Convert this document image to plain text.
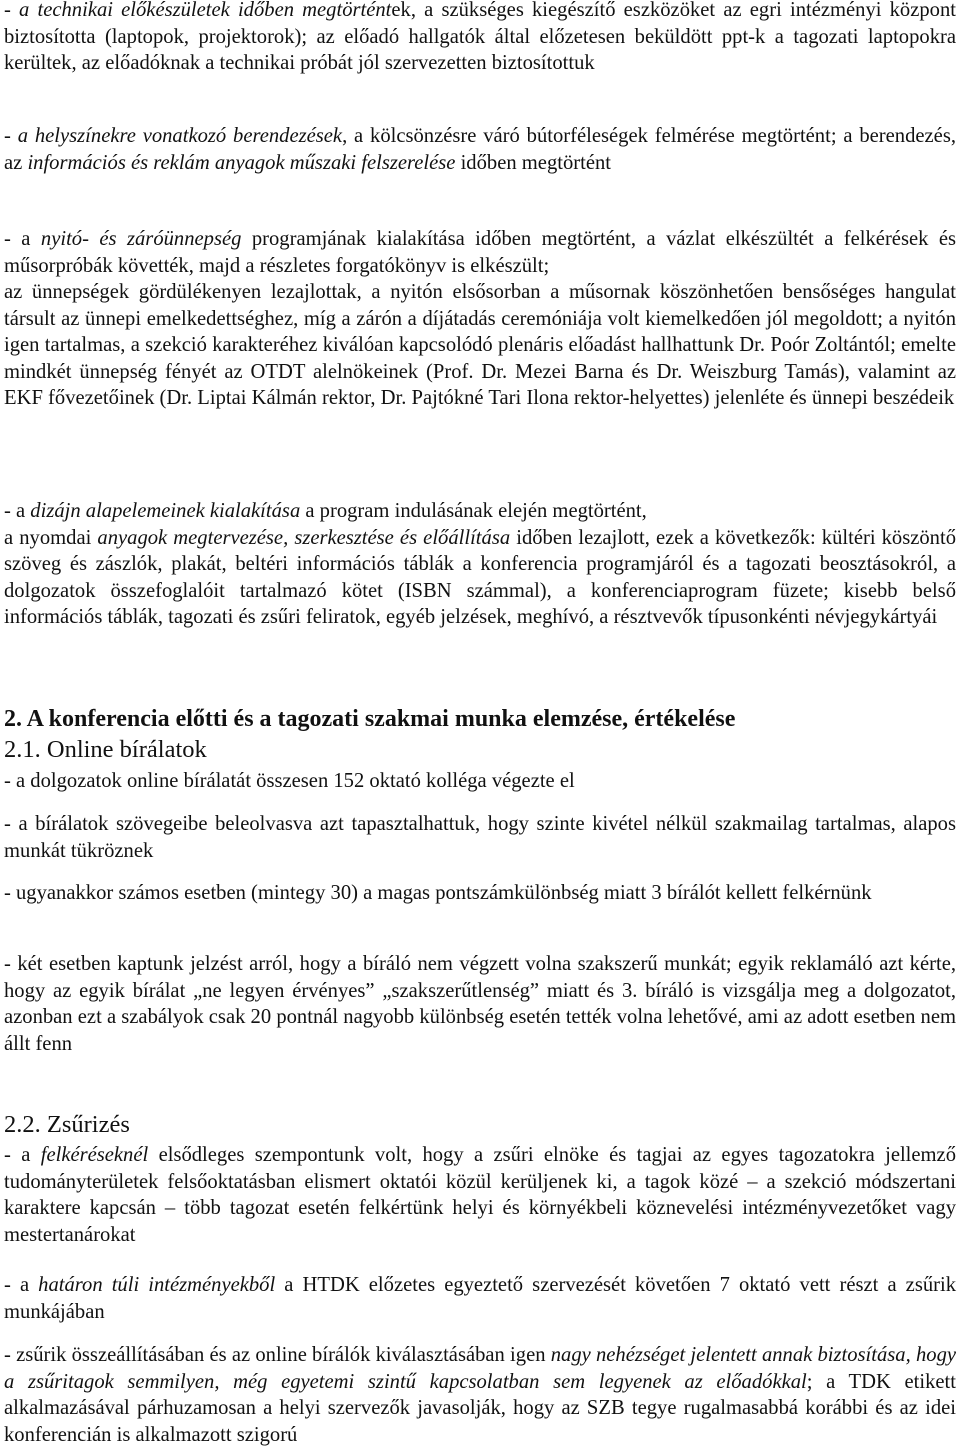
- a technikai előkészületek időben megtörténtek, a szükséges kiegészítő eszközöket az egri intézményi központ biztosította (laptopok, projektorok); az előadó hallgatók által előzetesen beküldött ppt-k a tagozati laptopokra kerültek, az előadóknak a technikai próbát jól szervezetten biztosítottuk

- a helyszínekre vonatkozó berendezések, a kölcsönzésre váró bútorféleségek felmérése megtörtént; a berendezés, az információs és reklám anyagok műszaki felszerelése időben megtörtént

- a nyitó- és záróünnepség programjának kialakítása időben megtörtént, a vázlat elkészültét a felkérések és műsorpróbák követték, majd a részletes forgatókönyv is elkészült;
az ünnepségek gördülékenyen lezajlottak, a nyitón elsősorban a műsornak köszönhetően bensőséges hangulat társult az ünnepi emelkedettséghez, míg a zárón a díjátadás ceremóniája volt kiemelkedően jól megoldott; a nyitón igen tartalmas, a szekció karakteréhez kiválóan kapcsolódó plenáris előadást hallhattunk Dr. Poór Zoltántól; emelte mindkét ünnepség fényét az OTDT alelnökeinek (Prof. Dr. Mezei Barna és Dr. Weiszburg Tamás), valamint az EKF fővezetőinek (Dr. Liptai Kálmán rektor, Dr. Pajtókné Tari Ilona rektor-helyettes) jelenléte és ünnepi beszédeik

- a dizájn alapelemeinek kialakítása a program indulásának elején megtörtént,
a nyomdai anyagok megtervezése, szerkesztése és előállítása időben lezajlott, ezek a következők: kültéri köszöntő szöveg és zászlók, plakát, beltéri információs táblák a konferencia programjáról és a tagozati beosztásokról, a dolgozatok összefoglalóit tartalmazó kötet (ISBN számmal), a konferenciaprogram füzete; kisebb belső információs táblák, tagozati és zsűri feliratok, egyéb jelzések, meghívó, a résztvevők típusonkénti névjegykártyái

2. A konferencia előtti és a tagozati szakmai munka elemzése, értékelése
2.1. Online bírálatok

- a dolgozatok online bírálatát összesen 152 oktató kolléga végezte el

- a bírálatok szövegeibe beleolvasva azt tapasztalhattuk, hogy szinte kivétel nélkül szakmailag tartalmas, alapos munkát tükröznek

- ugyanakkor számos esetben (mintegy 30) a magas pontszámkülönbség miatt 3 bírálót kellett felkérnünk

- két esetben kaptunk jelzést arról, hogy a bíráló nem végzett volna szakszerű munkát; egyik reklamáló azt kérte, hogy az egyik bírálat „ne legyen érvényes” „szakszerűtlenség” miatt és 3. bíráló is vizsgálja meg a dolgozatot, azonban ezt a szabályok csak 20 pontnál nagyobb különbség esetén tették volna lehetővé, ami az adott esetben nem állt fenn

2.2. Zsűrizés

- a felkéréseknél elsődleges szempontunk volt, hogy a zsűri elnöke és tagjai az egyes tagozatokra jellemző tudományterületek felsőoktatásban elismert oktatói közül kerüljenek ki, a tagok közé – a szekció módszertani karaktere kapcsán – több tagozat esetén felkértünk helyi és környékbeli köznevelési intézményvezetőket vagy mestertanárokat

- a határon túli intézményekből a HTDK előzetes egyeztető szervezését követően 7 oktató vett részt a zsűrik munkájában

- zsűrik összeállításában és az online bírálók kiválasztásában igen nagy nehézséget jelentett annak biztosítása, hogy a zsűritagok semmilyen, még egyetemi szintű kapcsolatban sem legyenek az előadókkal; a TDK etikett alkalmazásával párhuzamosan a helyi szervezők javasolják, hogy az SZB tegye rugalmasabbá korábbi és az idei konferencián is alkalmazott szigorú
